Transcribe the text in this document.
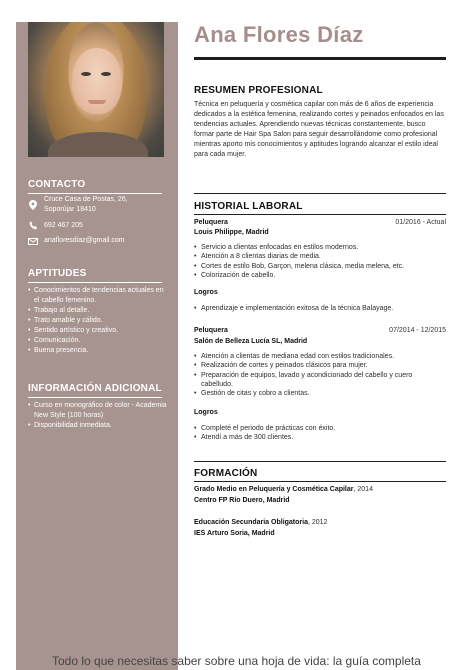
CONTACTO
Cruce Casa de Postas, 26,
Soporújar 18410
692 467 205
anafloresdiaz@gmail.com
APTITUDES
• Conocimientos de tendencias actuales en el cabello femenino.
• Trabajo al detalle.
• Trato amable y cálido.
• Sentido artístico y creativo.
• Comunicación.
• Buena presencia.
INFORMACIÓN ADICIONAL
• Curso en monográfico de color - Academia New Style (100 horas)
• Disponibilidad inmediata.
Ana Flores Díaz
RESUMEN PROFESIONAL
Técnica en peluquería y cosmética capilar con más de 6 años de experiencia dedicados a la estética femenina, realizando cortes y peinados enfocados en las tendencias actuales. Aprendiendo nuevas técnicas constantemente, busco formar parte de Hair Spa Salon para seguir desarrollándome como profesional mientras aporto mis conocimientos y aptitudes logrando alcanzar el estilo ideal para cada mujer.
HISTORIAL LABORAL
Peluquera	01/2016 - Actual
Louis Philippe, Madrid
• Servicio a clientas enfocadas en estilos modernos.
• Atención a 8 clientas diarias de media.
• Cortes de estilo Bob, Garçon, melena clásica, media melena, etc.
• Colorización de cabello.
Logros
• Aprendizaje e implementación exitosa de la técnica Balayage.
Peluquera	07/2014 - 12/2015
Salón de Belleza Lucía SL, Madrid
• Atención a clientas de mediana edad con estilos tradicionales.
• Realización de cortes y peinados clásicos para mujer.
• Preparación de equipos, lavado y acondicionado del cabello y cuero cabelludo.
• Gestión de citas y cobro a clientas.
Logros
• Completé el periodo de prácticas con éxito.
• Atendí a más de 300 clientes.
FORMACIÓN
Grado Medio en Peluquería y Cosmética Capilar, 2014
Centro FP Río Duero, Madrid
Educación Secundaria Obligatoria, 2012
IES Arturo Soria, Madrid
Todo lo que necesitas saber sobre una hoja de vida: la guía completa
